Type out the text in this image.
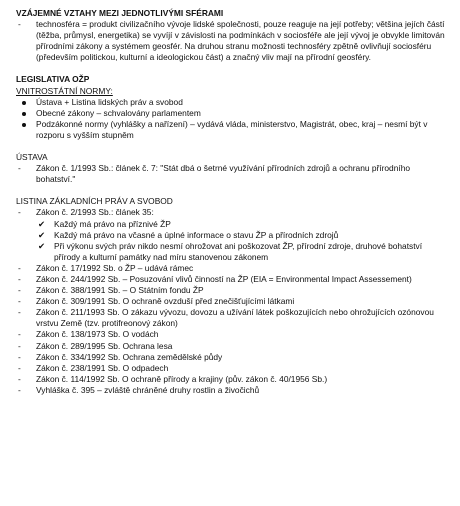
VZÁJEMNÉ VZTAHY MEZI JEDNOTLIVÝMI SFÉRAMI
-	technosféra = produkt civilizačního vývoje lidské společnosti, pouze reaguje na její potřeby; většina jejích částí (těžba, průmysl, energetika) se vyvíjí v závislosti na podmínkách v sociosféře ale její vývoj je obvykle limitován přírodními zákony a systémem geosfér. Na druhou stranu možnosti technosféry zpětně ovlivňují sociosféru (především politickou, kulturní a ideologickou část) a značný vliv mají na přírodní geosféry.
LEGISLATIVA OŽP
VNITROSTÁTNÍ NORMY:
Ústava + Listina lidských práv a svobod
Obecné zákony – schvalovány parlamentem
Podzákonné normy (vyhlášky a nařízení) – vydává vláda, ministerstvo, Magistrát, obec, kraj – nesmí být v rozporu s vyšším stupněm
ÚSTAVA
-	Zákon č. 1/1993 Sb.: článek č. 7: "Stát dbá o šetrné využívání přírodních zdrojů a ochranu přírodního bohatství."
LISTINA ZÁKLADNÍCH PRÁV A SVOBOD
-	Zákon č. 2/1993 Sb.: článek 35:
✔	Každý má právo na příznivé ŽP
✔	Každý má právo na včasné a úplné informace o stavu ŽP a přírodních zdrojů
✔	Při výkonu svých práv nikdo nesmí ohrožovat ani poškozovat ŽP, přírodní zdroje, druhové bohatství přírody a kulturní památky nad míru stanovenou zákonem
-	Zákon č. 17/1992 Sb. o ŽP – udává rámec
-	Zákon č. 244/1992 Sb. – Posuzování vlivů činností na ŽP (EIA = Environmental Impact Assessement)
-	Zákon č. 388/1991 Sb. – O Státním fondu ŽP
-	Zákon č. 309/1991 Sb. O ochraně ovzduší před znečišťujícími látkami
-	Zákon č. 211/1993 Sb. O zákazu vývozu, dovozu a užívání látek poškozujících nebo ohrožujících ozónovou vrstvu Země (tzv. protifreonový zákon)
-	Zákon č. 138/1973 Sb. O vodách
-	Zákon č. 289/1995 Sb. Ochrana lesa
-	Zákon č. 334/1992 Sb. Ochrana zemědělské půdy
-	Zákon č. 238/1991 Sb. O odpadech
-	Zákon č. 114/1992 Sb. O ochraně přírody a krajiny (pův. zákon č. 40/1956 Sb.)
-	Vyhláška č. 395 – zvláště chráněné druhy rostlin a živočichů
